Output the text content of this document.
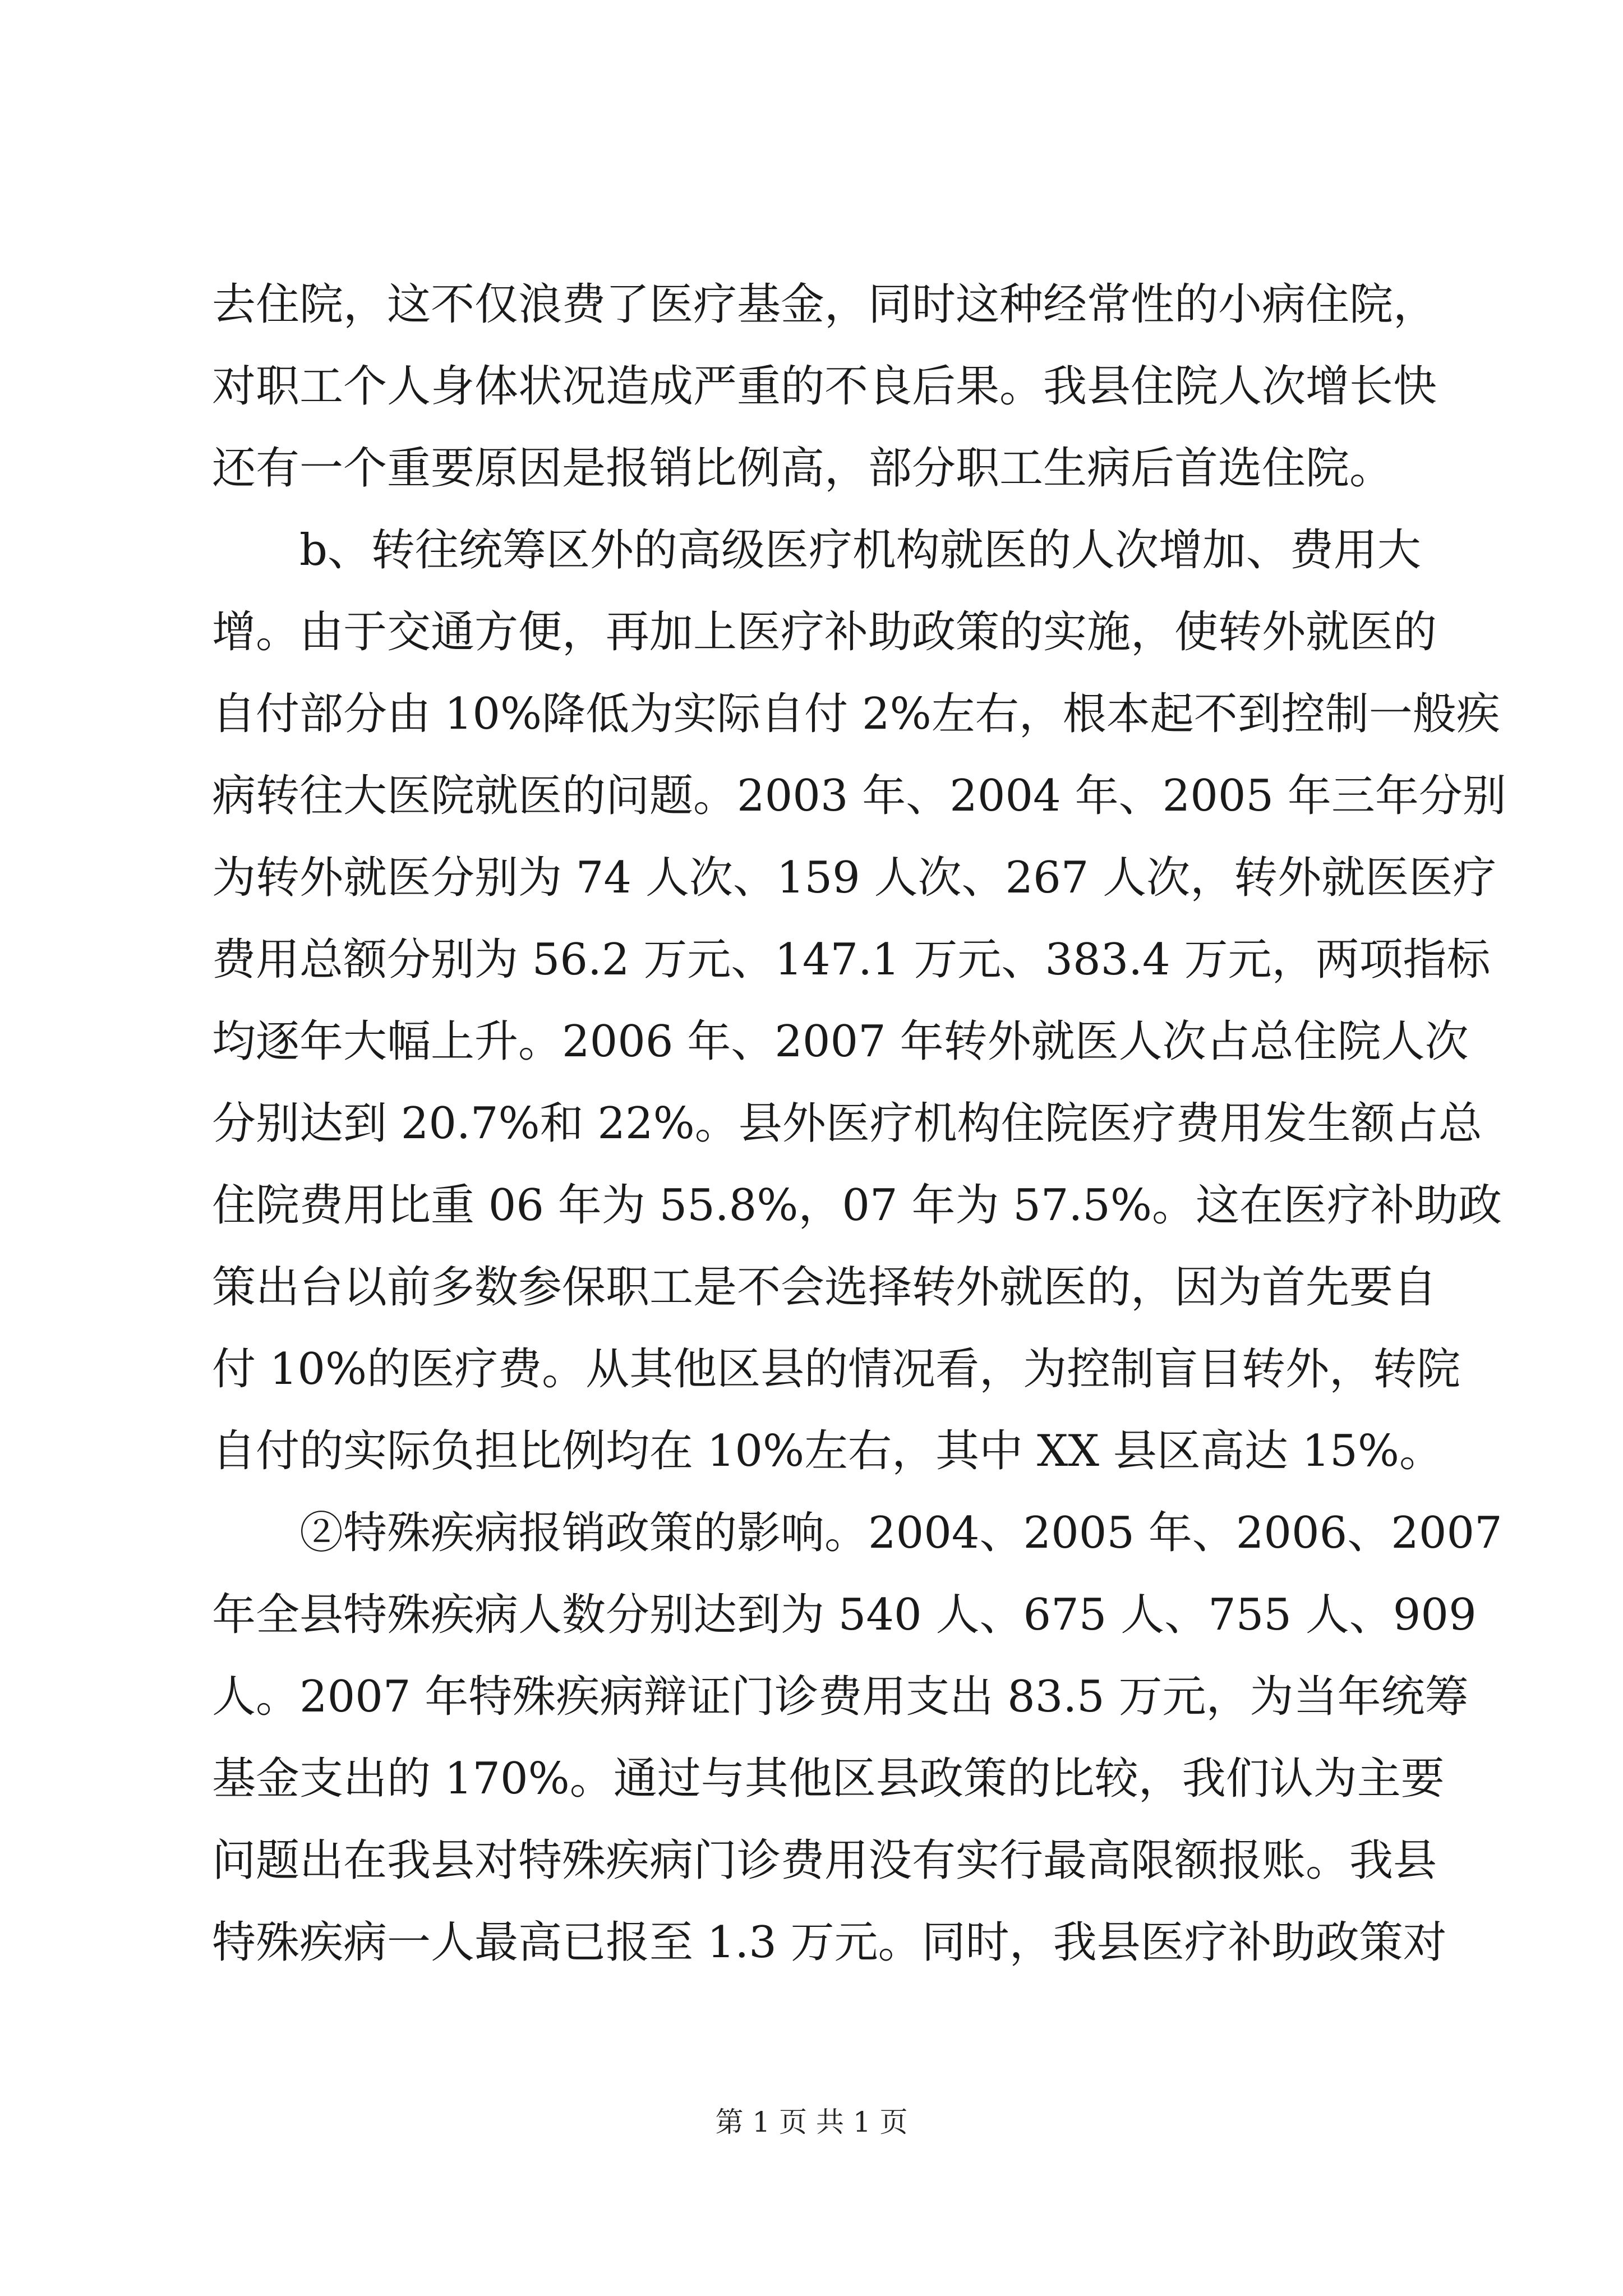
去住院，这不仅浪费了医疗基金，同时这种经常性的小病住院，
对职工个人身体状况造成严重的不良后果。我县住院人次增长快
还有一个重要原因是报销比例高，部分职工生病后首选住院。
b、转往统筹区外的高级医疗机构就医的人次增加、费用大
增。由于交通方便，再加上医疗补助政策的实施，使转外就医的
自付部分由 10%降低为实际自付 2%左右，根本起不到控制一般疾
病转往大医院就医的问题。2003 年、2004 年、2005 年三年分别
为转外就医分别为 74 人次、159 人次、267 人次，转外就医医疗
费用总额分别为 56.2 万元、147.1 万元、383.4 万元，两项指标
均逐年大幅上升。2006 年、2007 年转外就医人次占总住院人次
分别达到 20.7%和 22%。县外医疗机构住院医疗费用发生额占总
住院费用比重 06 年为 55.8%，07 年为 57.5%。这在医疗补助政
策出台以前多数参保职工是不会选择转外就医的，因为首先要自
付 10%的医疗费。从其他区县的情况看，为控制盲目转外，转院
自付的实际负担比例均在 10%左右，其中 XX 县区高达 15%。
②特殊疾病报销政策的影响。2004、2005 年、2006、2007
年全县特殊疾病人数分别达到为 540 人、675 人、755 人、909
人。2007 年特殊疾病辩证门诊费用支出 83.5 万元，为当年统筹
基金支出的 170%。通过与其他区县政策的比较，我们认为主要
问题出在我县对特殊疾病门诊费用没有实行最高限额报账。我县
特殊疾病一人最高已报至 1.3 万元。同时，我县医疗补助政策对
第 1 页 共 1 页
